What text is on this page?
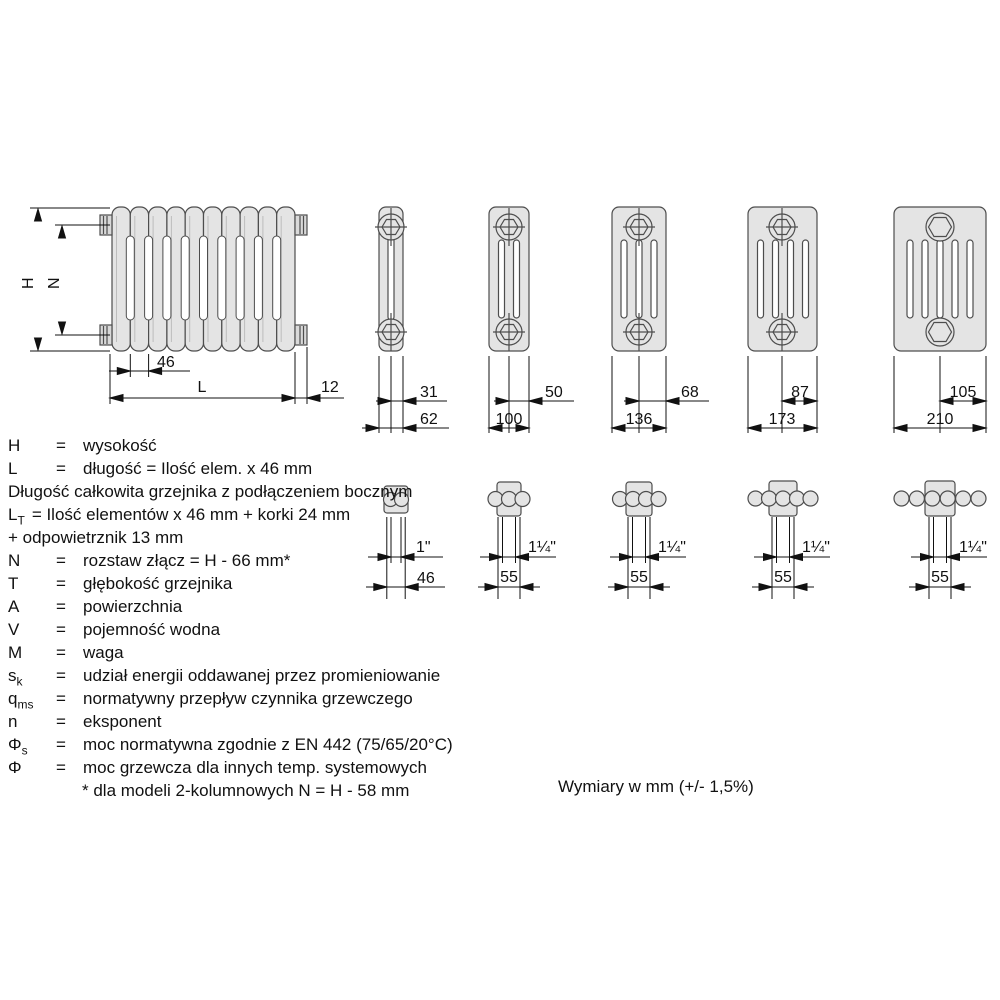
H N
46
L	12	31
62
50
100
68
136
87
173
105
210
1"
46
1¼"
55
1¼"
55
1¼"
55
1¼"
55
H	=	wysokość
L	=	długość = Ilość elem. x 46 mm
Długość całkowita grzejnika z podłączeniem bocznym
$L_T$ = Ilość elementów x 46 mm + korki 24 mm
+ odpowietrznik 13 mm
N	=	rozstaw złącz = H - 66 mm*
T	=	głębokość grzejnika
A	=	powierzchnia
V	=	pojemność wodna
M	=	waga
$s_k$	=	udział energii oddawanej przez promieniowanie
$q_{ms}$	=	normatywny przepływ czynnika grzewczego
n	=	eksponent
$\Phi_s$	=	moc normatywna zgodnie z EN 442 (75/65/20°C)
Φ	=	moc grzewcza dla innych temp. systemowych
* dla modeli 2-kolumnowych N = H - 58 mm	Wymiary w mm (+/- 1,5%)
